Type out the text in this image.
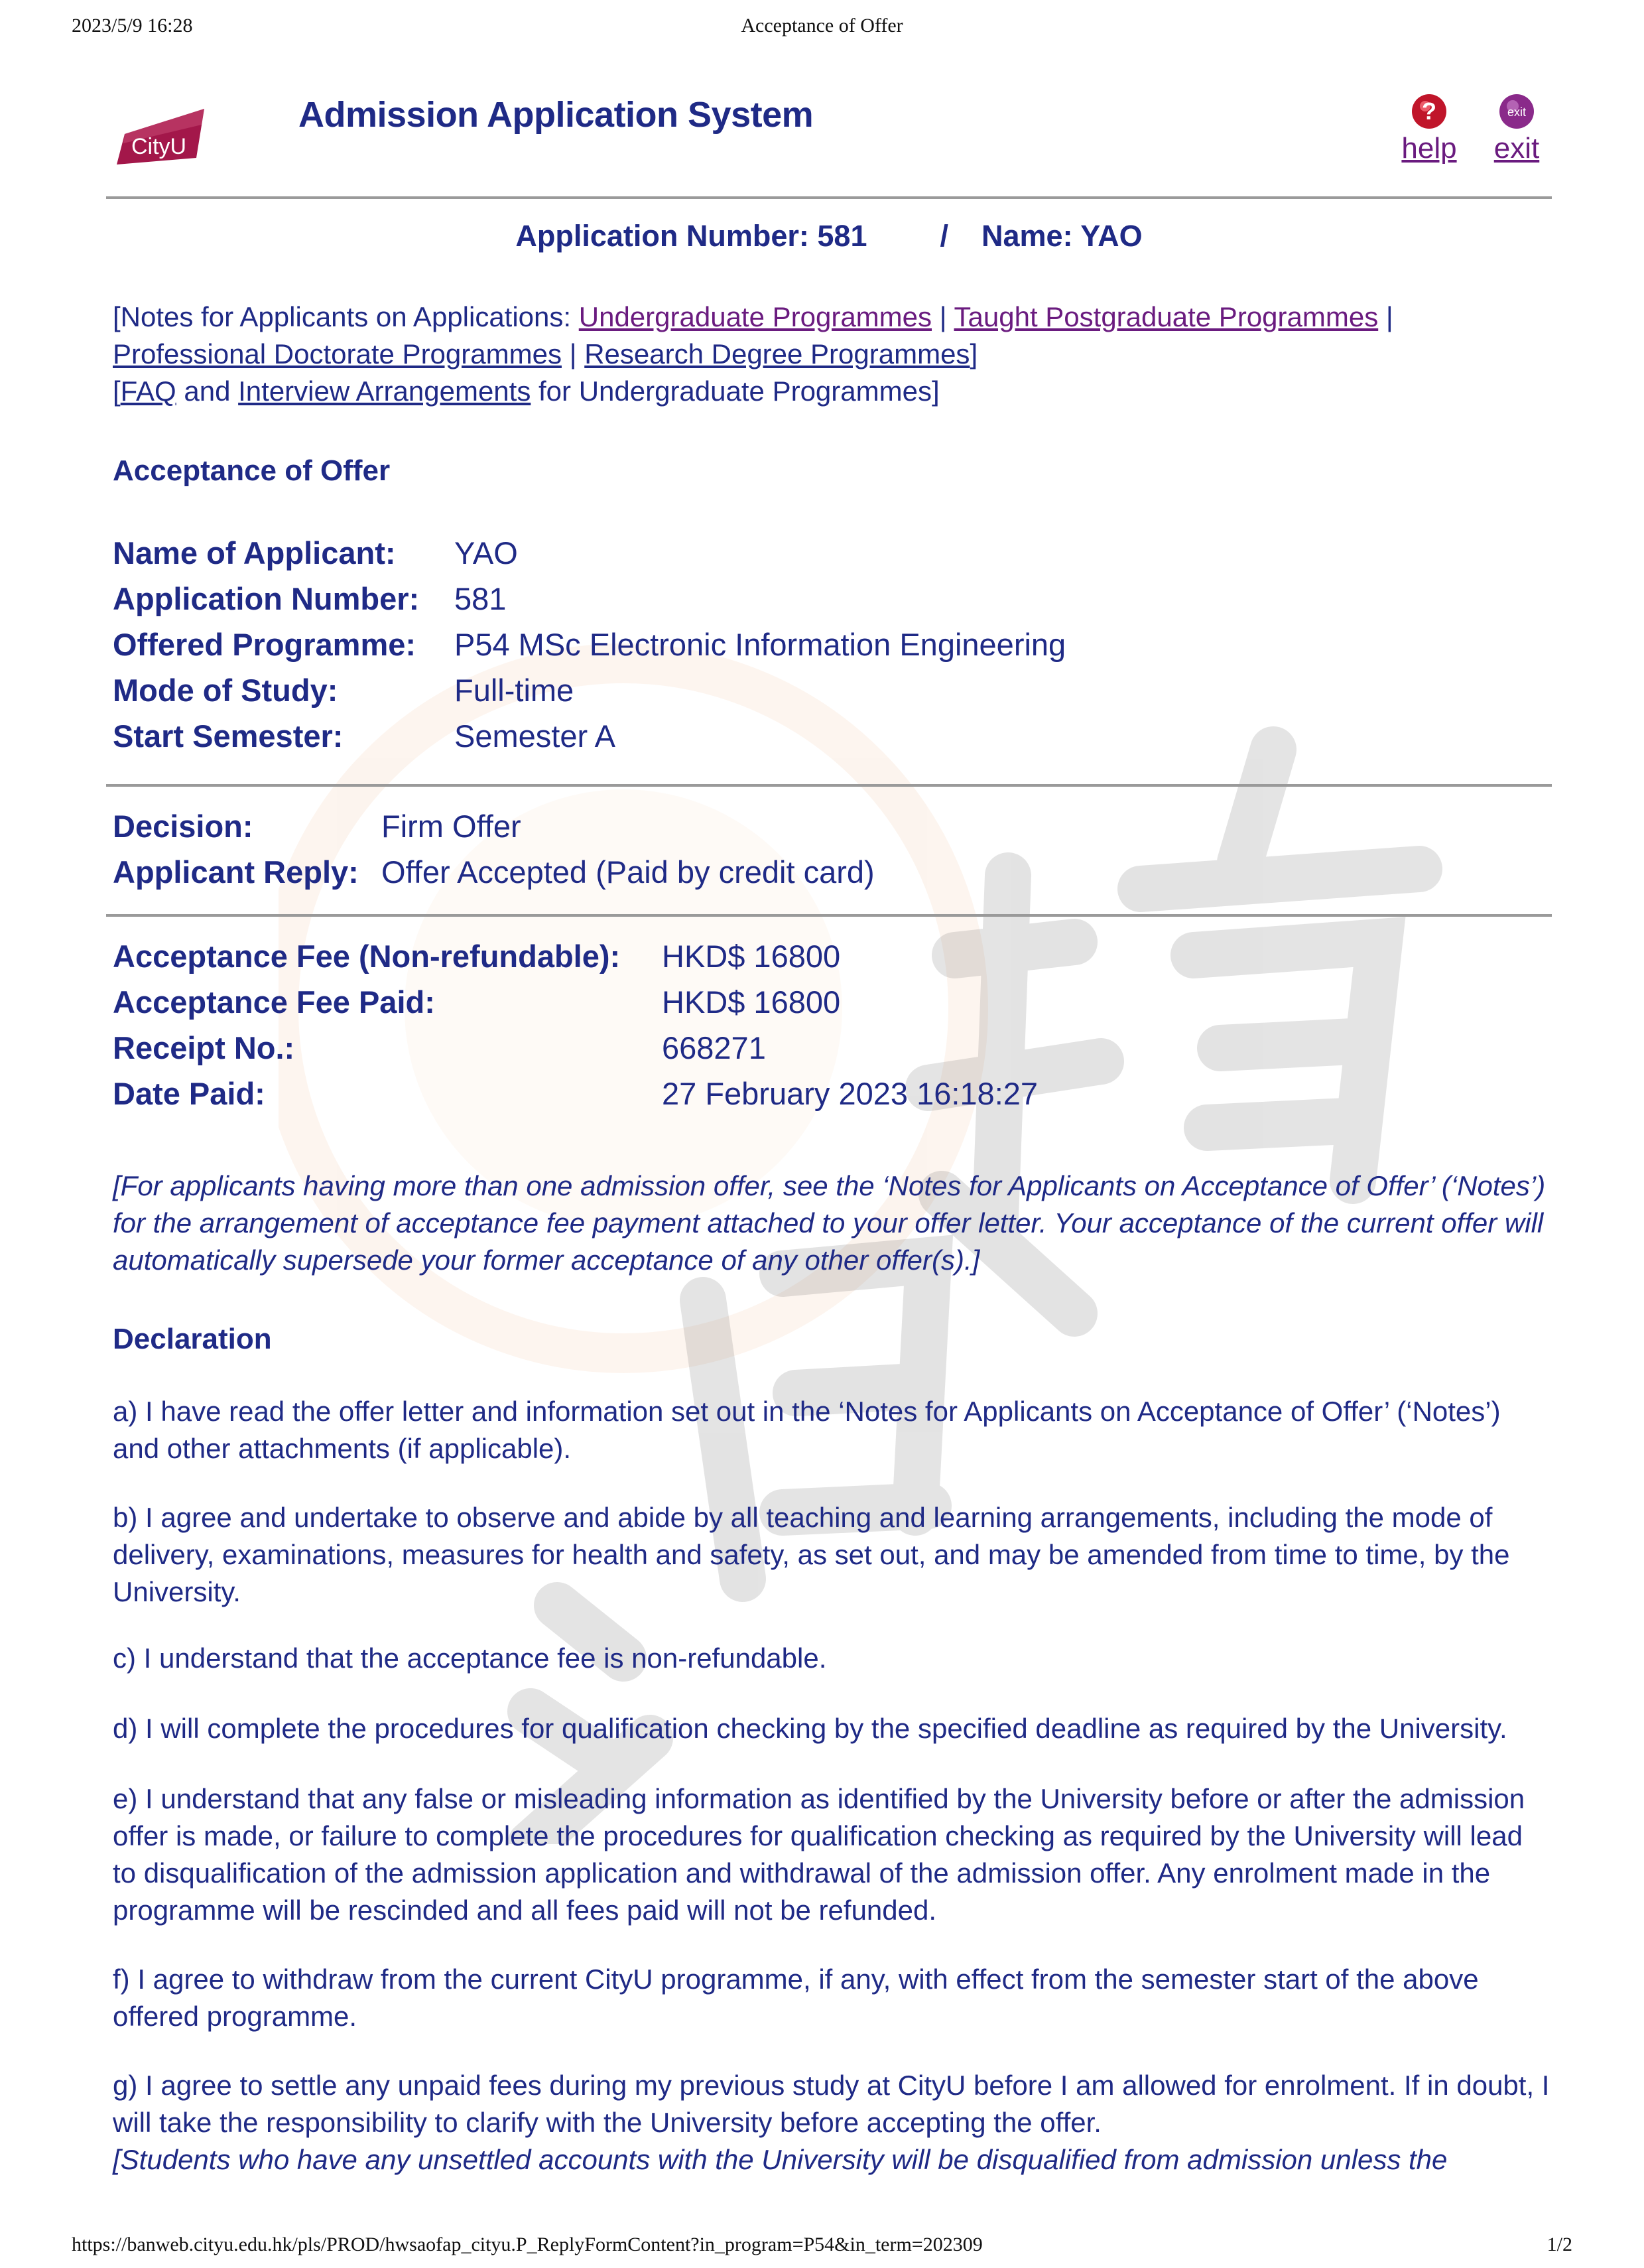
2023/5/9 16:28	Acceptance of Offer
CityU
Admission Application System	?
help
exit
exit
Application Number: 581 / Name: YAO
[Notes for Applicants on Applications: Undergraduate Programmes | Taught Postgraduate Programmes | Professional Doctorate Programmes | Research Degree Programmes]
[FAQ and Interview Arrangements for Undergraduate Programmes]
Acceptance of Offer
Name of Applicant: YAO
Application Number: 581
Offered Programme: P54 MSc Electronic Information Engineering
Mode of Study:	Full-time
Start Semester:	Semester A
Decision:	Firm Offer
Applicant Reply: Offer Accepted (Paid by credit card)
Acceptance Fee (Non-refundable): HKD$ 16800
Acceptance Fee Paid:	HKD$ 16800
Receipt No.:	668271
Date Paid:	27 February 2023 16:18:27

[For applicants having more than one admission offer, see the ‘Notes for Applicants on Acceptance of Offer’ (‘Notes’) for the arrangement of acceptance fee payment attached to your offer letter. Your acceptance of the current offer will automatically supersede your former acceptance of any other offer(s).]

Declaration

a) I have read the offer letter and information set out in the ‘Notes for Applicants on Acceptance of Offer’ (‘Notes’) and other attachments (if applicable).

b) I agree and undertake to observe and abide by all teaching and learning arrangements, including the mode of delivery, examinations, measures for health and safety, as set out, and may be amended from time to time, by the University.

c) I understand that the acceptance fee is non-refundable.

d) I will complete the procedures for qualification checking by the specified deadline as required by the University.

e) I understand that any false or misleading information as identified by the University before or after the admission offer is made, or failure to complete the procedures for qualification checking as required by the University will lead to disqualification of the admission application and withdrawal of the admission offer. Any enrolment made in the programme will be rescinded and all fees paid will not be refunded.

f) I agree to withdraw from the current CityU programme, if any, with effect from the semester start of the above offered programme.

g) I agree to settle any unpaid fees during my previous study at CityU before I am allowed for enrolment. If in doubt, I will take the responsibility to clarify with the University before accepting the offer.

[Students who have any unsettled accounts with the University will be disqualified from admission unless the

https://banweb.cityu.edu.hk/pls/PROD/hwsaofap_cityu.P_ReplyFormContent?in_program=P54&in_term=202309	1/2
